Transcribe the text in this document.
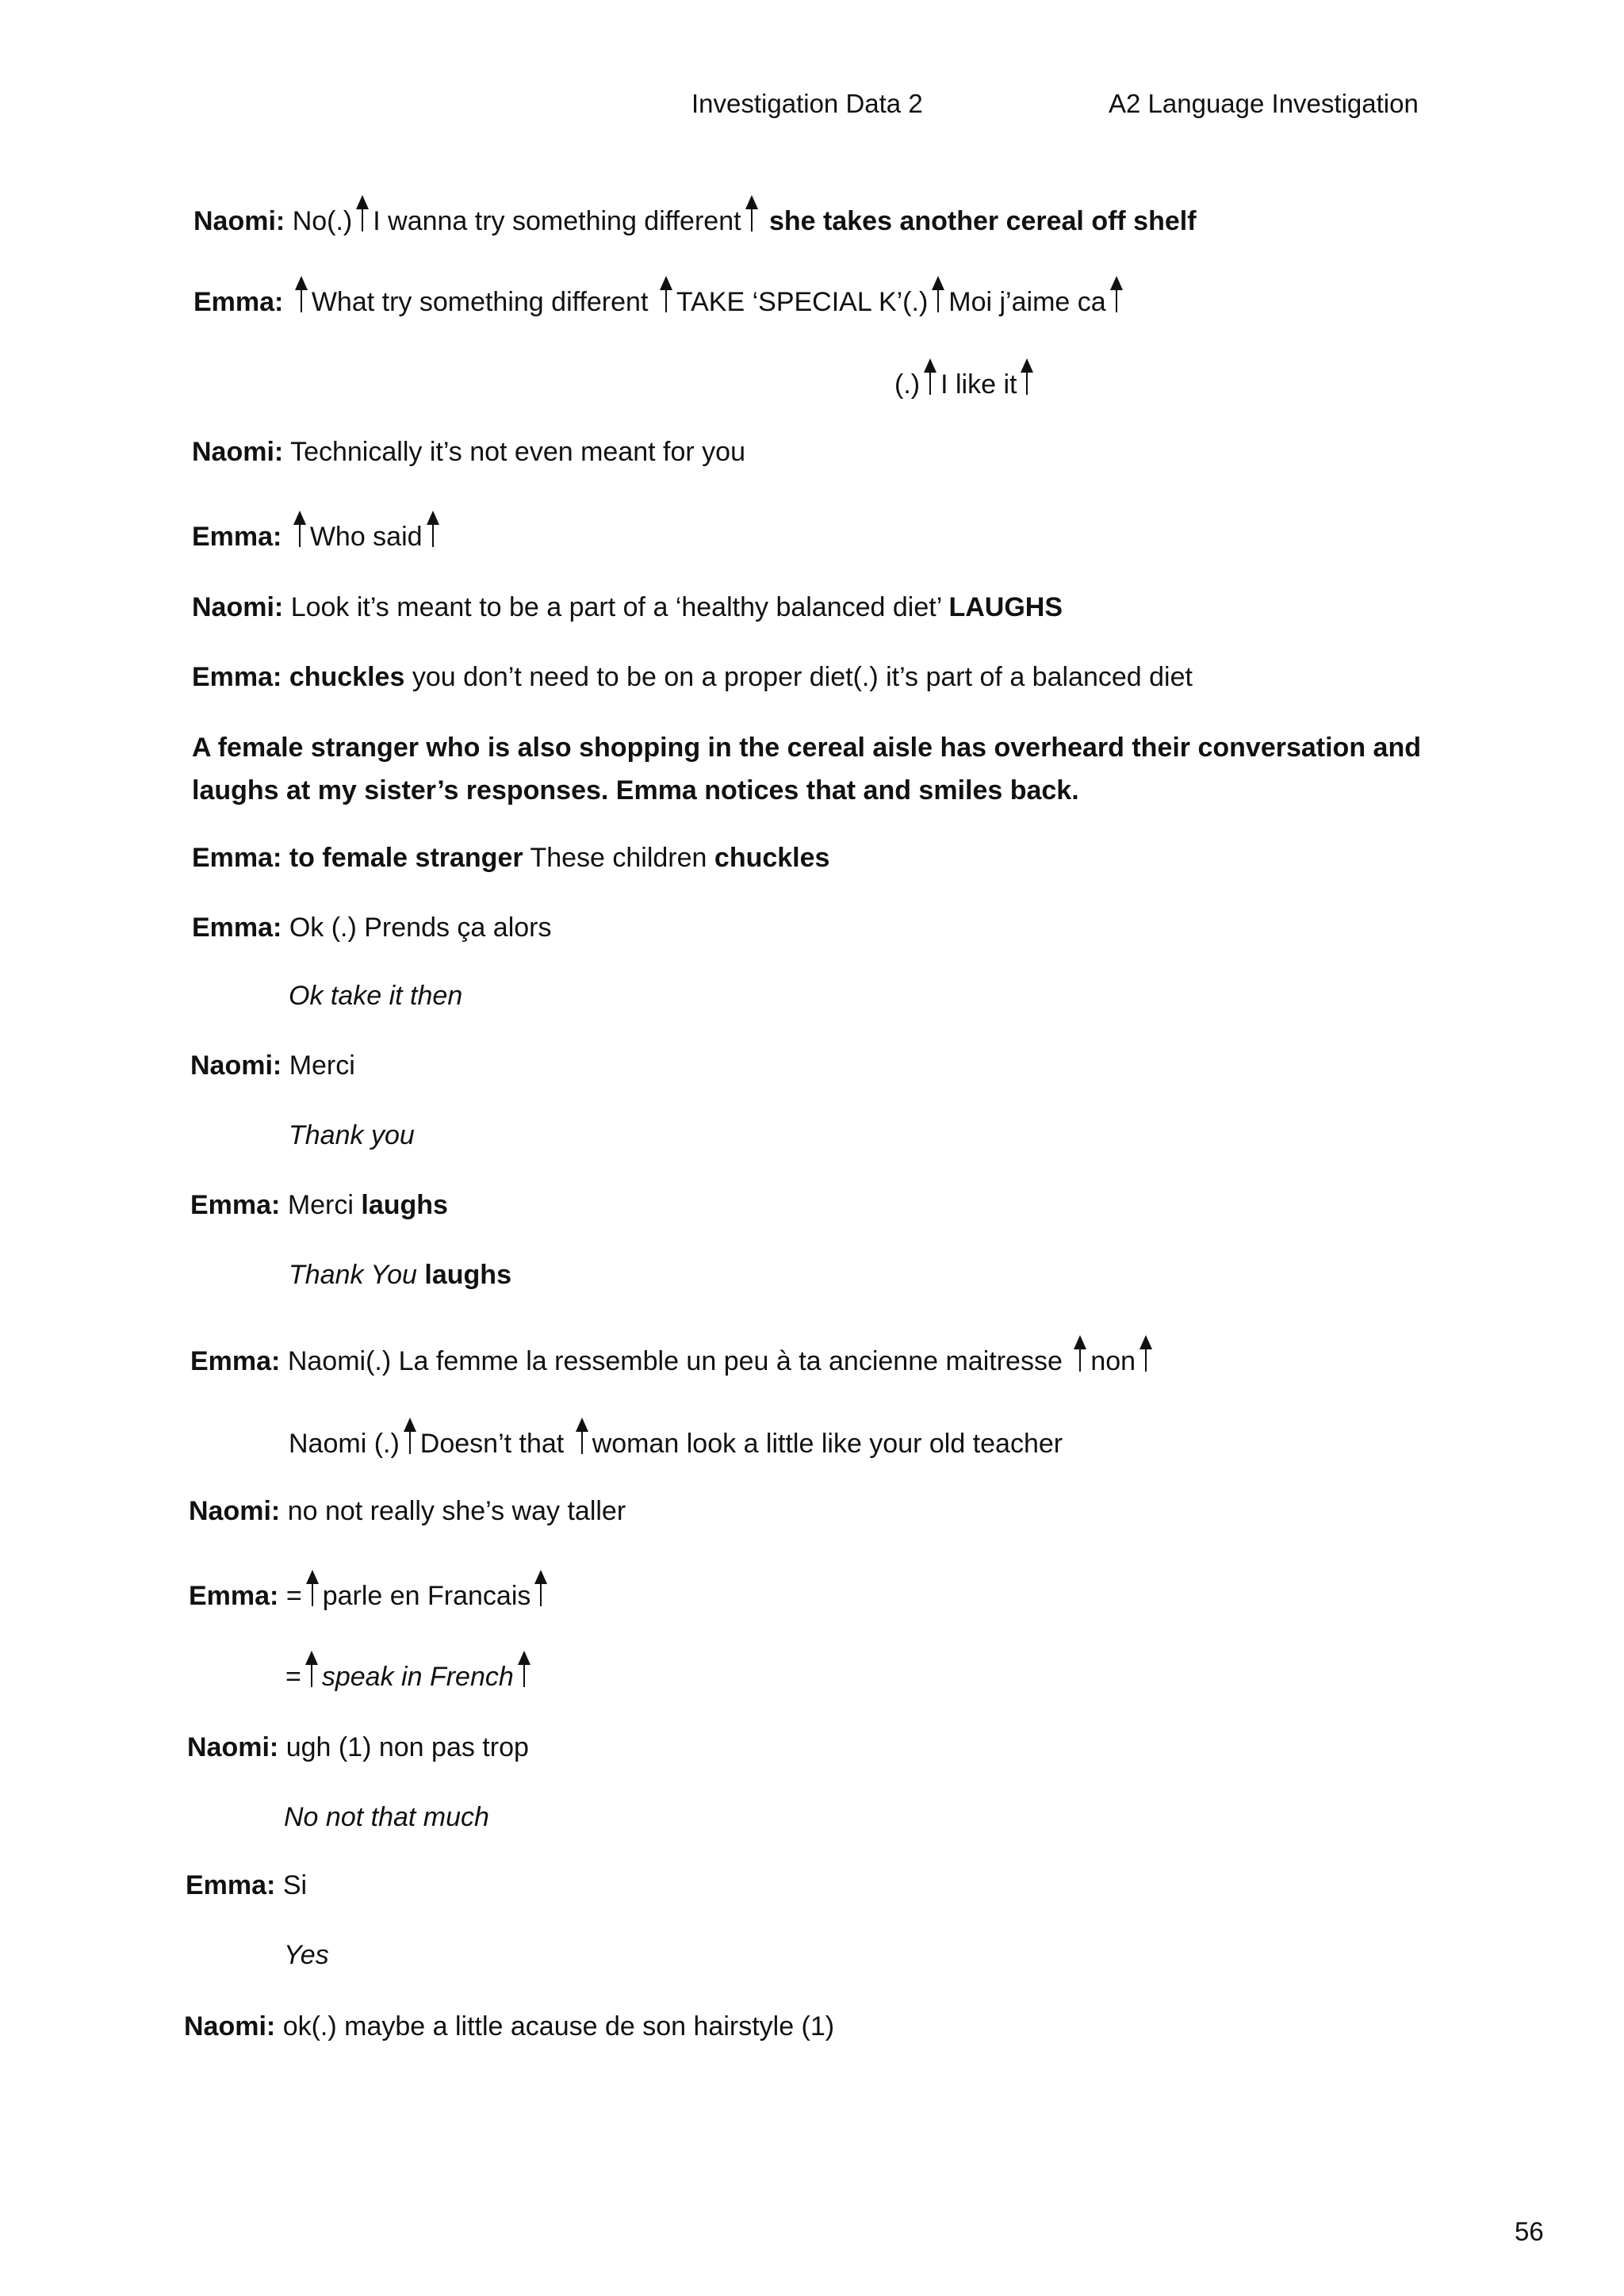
Investigation Data 2	A2 Language Investigation
Naomi: No(.) I wanna try something different she takes another cereal off shelf
Emma: What try something different TAKE ‘SPECIAL K’(.) Moi j’aime ca
(.) I like it
Naomi: Technically it’s not even meant for you
Emma: Who said
Naomi: Look it’s meant to be a part of a ‘healthy balanced diet’ LAUGHS
Emma: chuckles you don’t need to be on a proper diet(.) it’s part of a balanced diet
A female stranger who is also shopping in the cereal aisle has overheard their conversation and laughs at my sister’s responses. Emma notices that and smiles back.
Emma: to female stranger These children chuckles
Emma: Ok (.) Prends ça alors
Ok take it then
Naomi: Merci
Thank you
Emma: Merci laughs
Thank You laughs
Emma: Naomi(.) La femme la ressemble un peu à ta ancienne maitresse non
Naomi (.) Doesn’t that woman look a little like your old teacher
Naomi: no not really she’s way taller
Emma: = parle en Francais
= speak in French
Naomi: ugh (1) non pas trop
No not that much
Emma: Si
Yes
Naomi: ok(.) maybe a little acause de son hairstyle (1)
56
